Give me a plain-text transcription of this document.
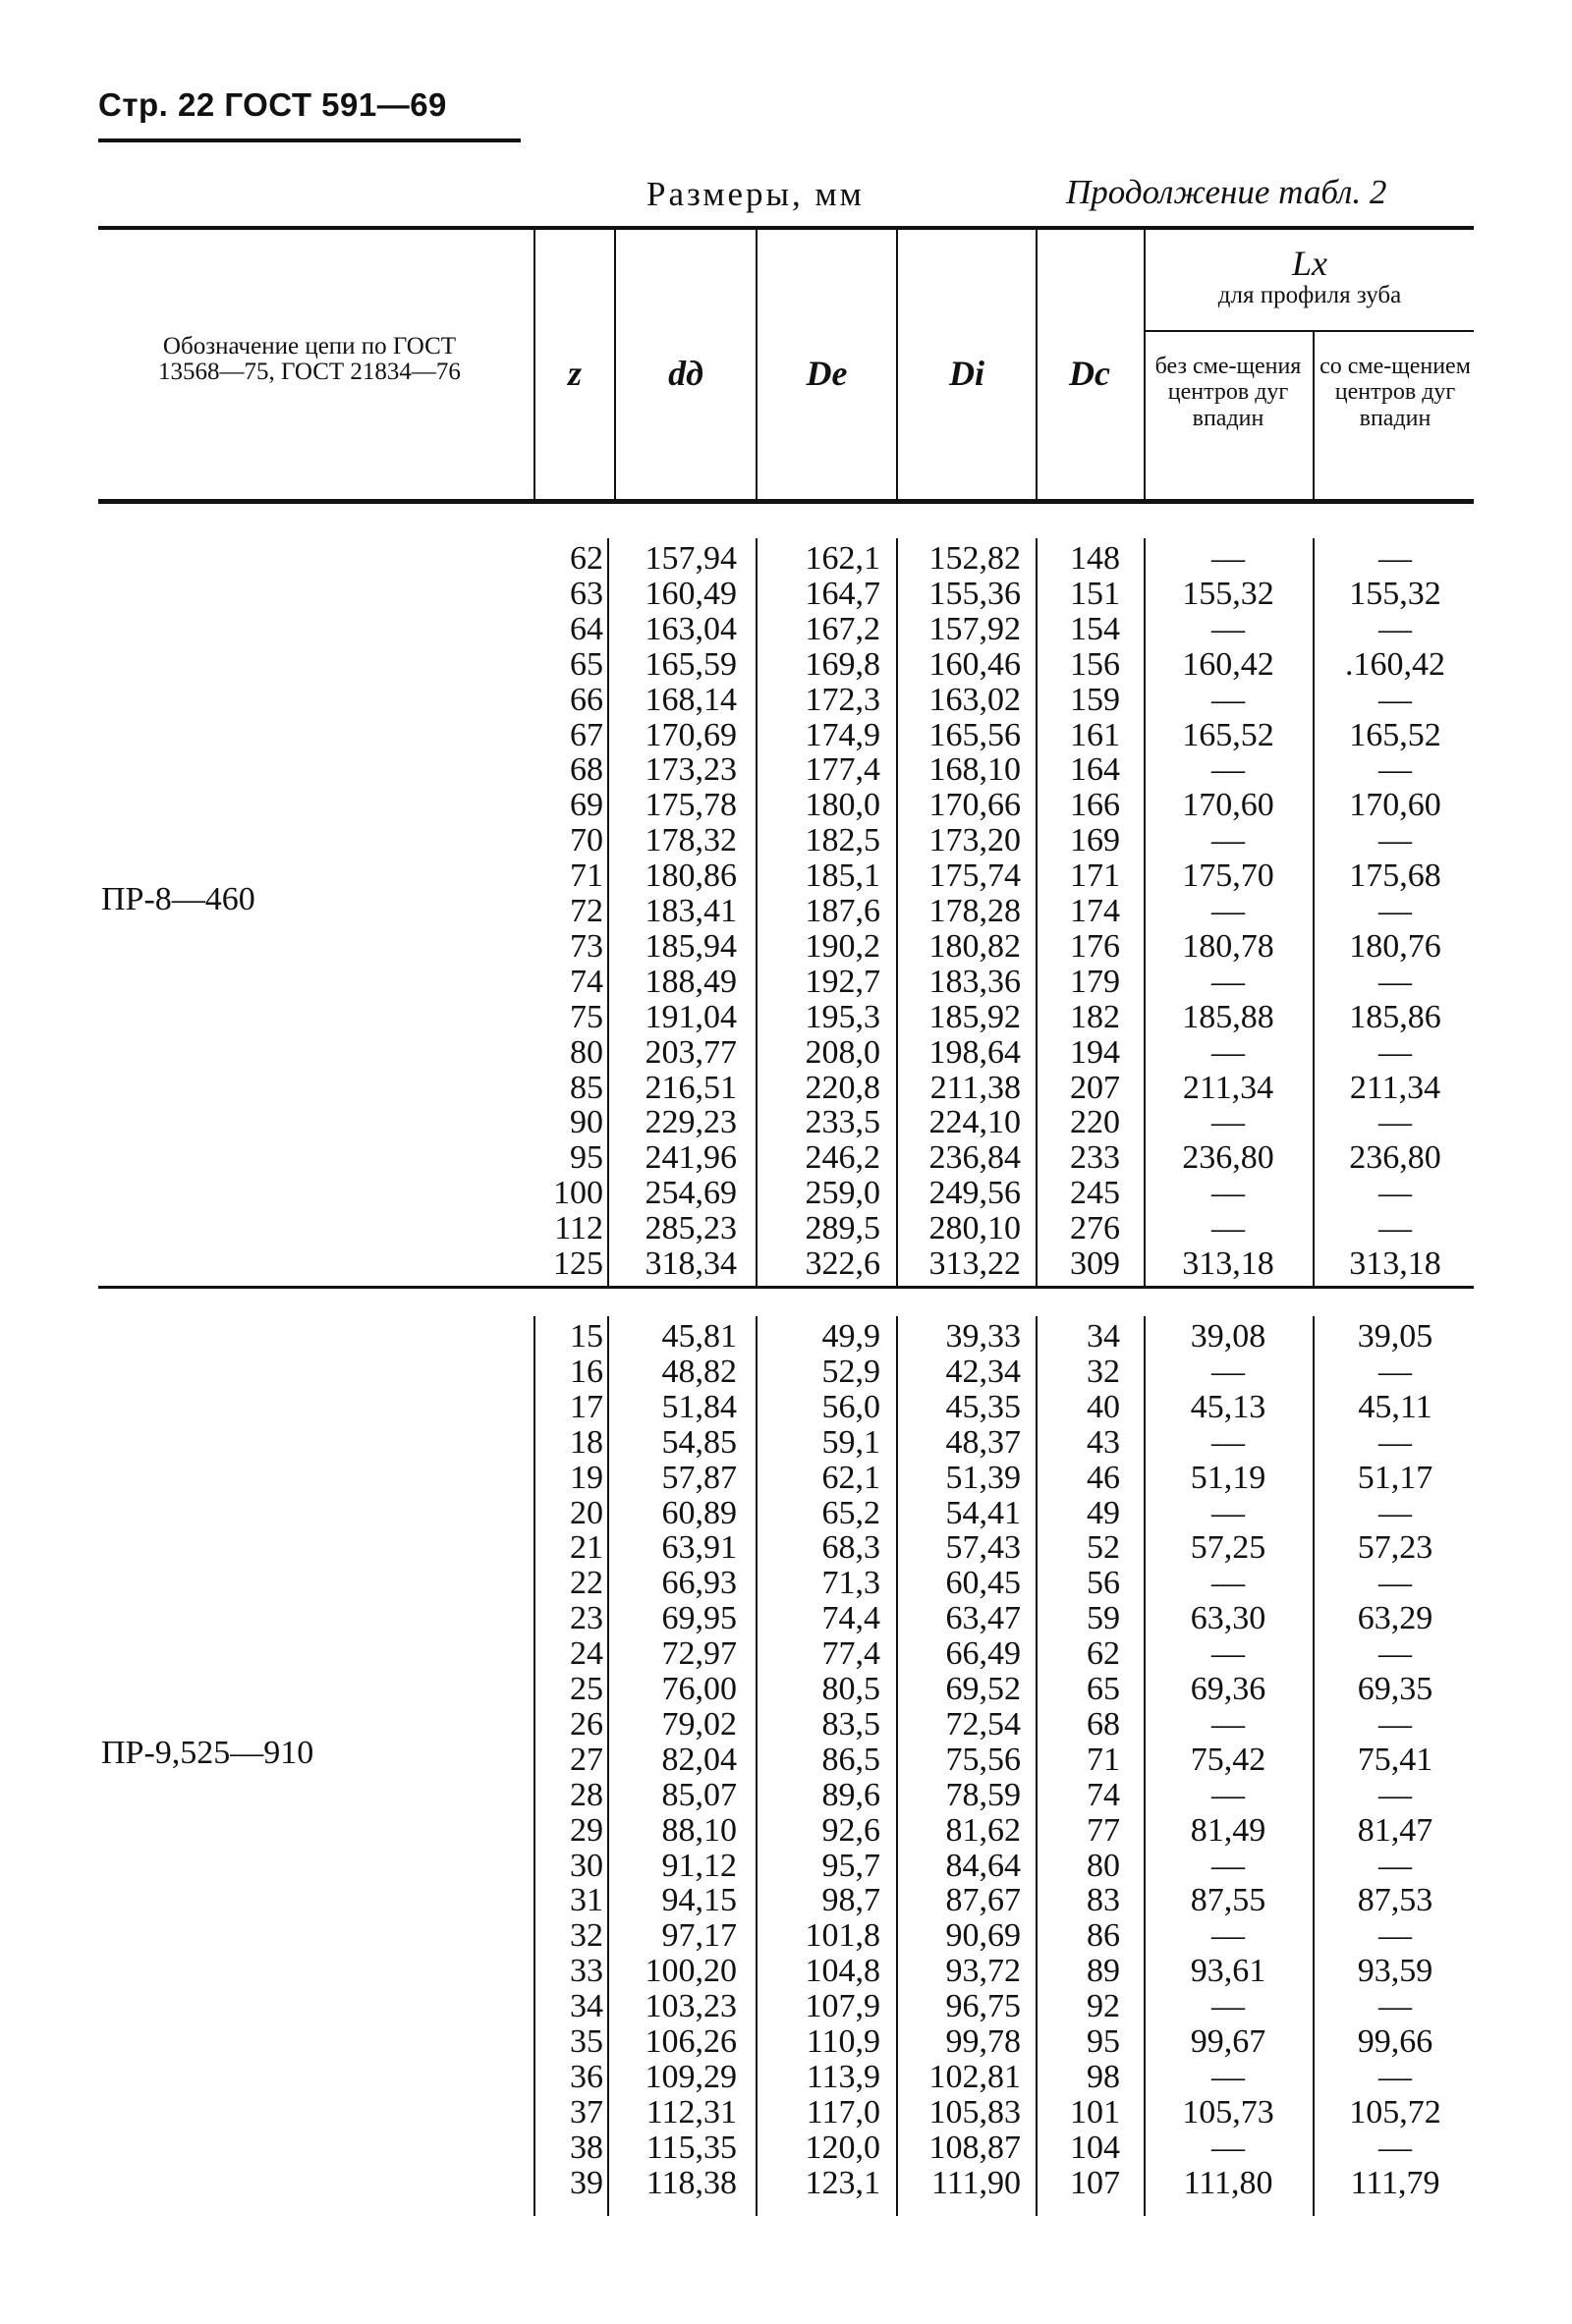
Стр. 22 ГОСТ 591—69
Размеры, мм	Продолжение табл. 2
Обозначение цепи по ГОСТ 13568—75, ГОСТ 21834—76	z	dд	Dе	Di	Dc
Lx
для профиля зуба
без сме-щения центров дуг впадин
со сме-щением центров дуг впадин
ПР-8—460
ПР-9,525—910
62	157,94	162,1	152,82	148	—	—
63	160,49	164,7	155,36	151	155,32	155,32
64	163,04	167,2	157,92	154	—	—
65	165,59	169,8	160,46	156	160,42	.160,42
66	168,14	172,3	163,02	159	—	—
67	170,69	174,9	165,56	161	165,52	165,52
68	173,23	177,4	168,10	164	—	—
69	175,78	180,0	170,66	166	170,60	170,60
70	178,32	182,5	173,20	169	—	—
71	180,86	185,1	175,74	171	175,70	175,68
72	183,41	187,6	178,28	174	—	—
73	185,94	190,2	180,82	176	180,78	180,76
74	188,49	192,7	183,36	179	—	—
75	191,04	195,3	185,92	182	185,88	185,86
80	203,77	208,0	198,64	194	—	—
85	216,51	220,8	211,38	207	211,34	211,34
90	229,23	233,5	224,10	220	—	—
95	241,96	246,2	236,84	233	236,80	236,80
100	254,69	259,0	249,56	245	—	—
112	285,23	289,5	280,10	276	—	—
125	318,34	322,6	313,22	309	313,18	313,18
15	45,81	49,9	39,33	34	39,08	39,05
16	48,82	52,9	42,34	32	—	—
17	51,84	56,0	45,35	40	45,13	45,11
18	54,85	59,1	48,37	43	—	—
19	57,87	62,1	51,39	46	51,19	51,17
20	60,89	65,2	54,41	49	—	—
21	63,91	68,3	57,43	52	57,25	57,23
22	66,93	71,3	60,45	56	—	—
23	69,95	74,4	63,47	59	63,30	63,29
24	72,97	77,4	66,49	62	—	—
25	76,00	80,5	69,52	65	69,36	69,35
26	79,02	83,5	72,54	68	—	—
27	82,04	86,5	75,56	71	75,42	75,41
28	85,07	89,6	78,59	74	—	—
29	88,10	92,6	81,62	77	81,49	81,47
30	91,12	95,7	84,64	80	—	—
31	94,15	98,7	87,67	83	87,55	87,53
32	97,17	101,8	90,69	86	—	—
33	100,20	104,8	93,72	89	93,61	93,59
34	103,23	107,9	96,75	92	—	—
35	106,26	110,9	99,78	95	99,67	99,66
36	109,29	113,9	102,81	98	—	—
37	112,31	117,0	105,83	101	105,73	105,72
38	115,35	120,0	108,87	104	—	—
39	118,38	123,1	111,90	107	111,80	111,79
